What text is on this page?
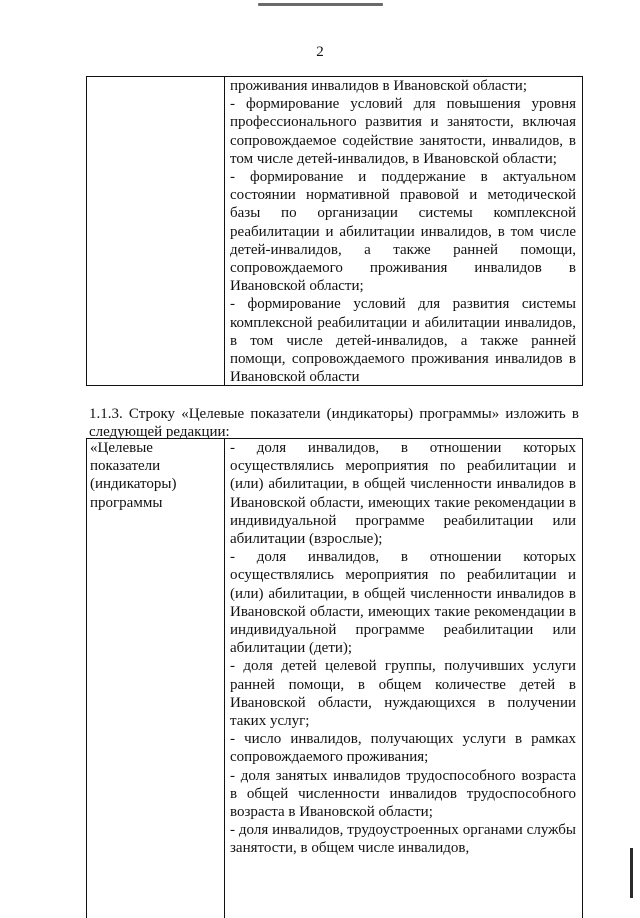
2

проживания инвалидов в Ивановской области;

- формирование условий для повышения уровня профессионального развития и занятости, включая сопровождаемое содействие занятости, инвалидов, в том числе детей-инвалидов, в Ивановской области;

- формирование и поддержание в актуальном состоянии нормативной правовой и методической базы по организации системы комплексной реабилитации и абилитации инвалидов, в том числе детей-инвалидов, а также ранней помощи, сопровождаемого проживания инвалидов в Ивановской области;

- формирование условий для развития системы комплексной реабилитации и абилитации инвалидов, в том числе детей-инвалидов, а также ранней помощи, сопровождаемого проживания инвалидов в Ивановской области

1.1.3. Строку «Целевые показатели (индикаторы) программы» изложить в следующей редакции:
«Целевые показатели (индикаторы) программы

- доля инвалидов, в отношении которых осуществлялись мероприятия по реабилитации и (или) абилитации, в общей численности инвалидов в Ивановской области, имеющих такие рекомендации в индивидуальной программе реабилитации или абилитации (взрослые);

- доля инвалидов, в отношении которых осуществлялись мероприятия по реабилитации и (или) абилитации, в общей численности инвалидов в Ивановской области, имеющих такие рекомендации в индивидуальной программе реабилитации или абилитации (дети);

- доля детей целевой группы, получивших услуги ранней помощи, в общем количестве детей в Ивановской области, нуждающихся в получении таких услуг;

- число инвалидов, получающих услуги в рамках сопровождаемого проживания;

- доля занятых инвалидов трудоспособного возраста в общей численности инвалидов трудоспособного возраста в Ивановской области;

- доля инвалидов, трудоустроенных органами службы занятости, в общем числе инвалидов,
